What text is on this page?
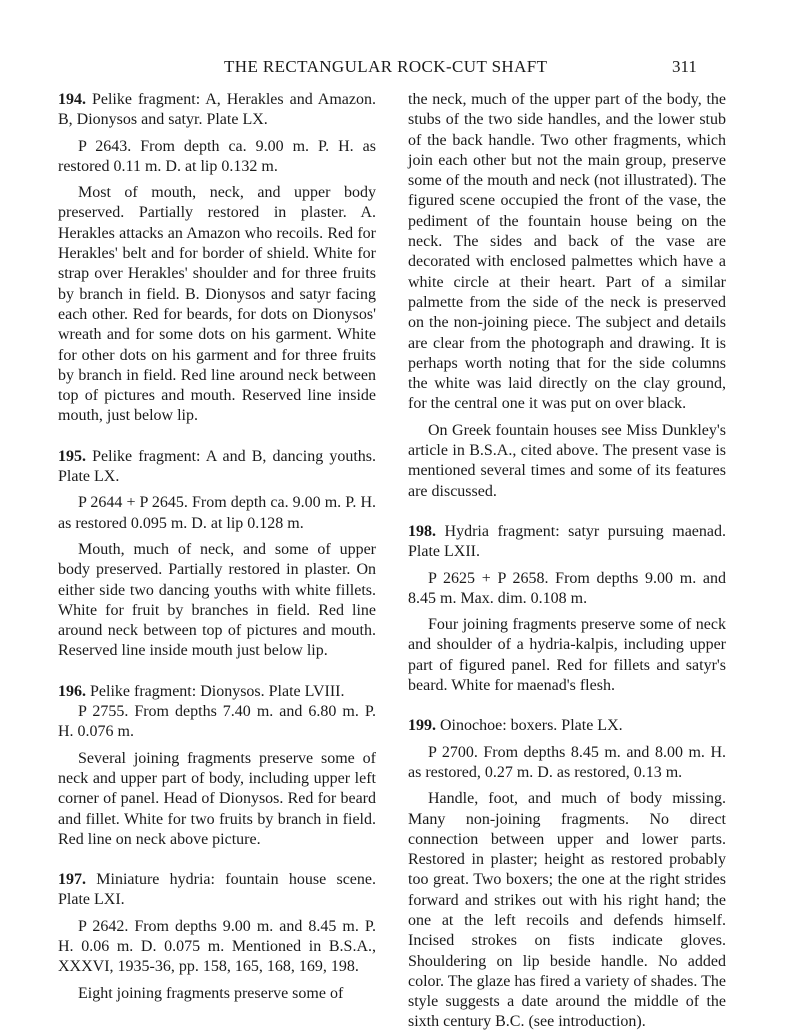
THE RECTANGULAR ROCK-CUT SHAFT	311

194. Pelike fragment: A, Herakles and Amazon. B, Dionysos and satyr. Plate LX.

P 2643. From depth ca. 9.00 m. P. H. as restored 0.11 m. D. at lip 0.132 m.

Most of mouth, neck, and upper body preserved. Partially restored in plaster. A. Herakles attacks an Amazon who recoils. Red for Herakles' belt and for border of shield. White for strap over Herakles' shoulder and for three fruits by branch in field. B. Dionysos and satyr facing each other. Red for beards, for dots on Dionysos' wreath and for some dots on his garment. White for other dots on his garment and for three fruits by branch in field. Red line around neck between top of pictures and mouth. Reserved line inside mouth, just below lip.

195. Pelike fragment: A and B, dancing youths. Plate LX.

P 2644 + P 2645. From depth ca. 9.00 m. P. H. as restored 0.095 m. D. at lip 0.128 m.

Mouth, much of neck, and some of upper body preserved. Partially restored in plaster. On either side two dancing youths with white fillets. White for fruit by branches in field. Red line around neck between top of pictures and mouth. Reserved line inside mouth just below lip.

196. Pelike fragment: Dionysos. Plate LVIII.

P 2755. From depths 7.40 m. and 6.80 m. P. H. 0.076 m.

Several joining fragments preserve some of neck and upper part of body, including upper left corner of panel. Head of Dionysos. Red for beard and fillet. White for two fruits by branch in field. Red line on neck above picture.

197. Miniature hydria: fountain house scene. Plate LXI.

P 2642. From depths 9.00 m. and 8.45 m. P. H. 0.06 m. D. 0.075 m. Mentioned in B.S.A., XXXVI, 1935-36, pp. 158, 165, 168, 169, 198.

Eight joining fragments preserve some of

the neck, much of the upper part of the body, the stubs of the two side handles, and the lower stub of the back handle. Two other fragments, which join each other but not the main group, preserve some of the mouth and neck (not illustrated). The figured scene occupied the front of the vase, the pediment of the fountain house being on the neck. The sides and back of the vase are decorated with enclosed palmettes which have a white circle at their heart. Part of a similar palmette from the side of the neck is preserved on the non-joining piece. The subject and details are clear from the photograph and drawing. It is perhaps worth noting that for the side columns the white was laid directly on the clay ground, for the central one it was put on over black.

On Greek fountain houses see Miss Dunkley's article in B.S.A., cited above. The present vase is mentioned several times and some of its features are discussed.

198. Hydria fragment: satyr pursuing maenad. Plate LXII.

P 2625 + P 2658. From depths 9.00 m. and 8.45 m. Max. dim. 0.108 m.

Four joining fragments preserve some of neck and shoulder of a hydria-kalpis, including upper part of figured panel. Red for fillets and satyr's beard. White for maenad's flesh.

199. Oinochoe: boxers. Plate LX.

P 2700. From depths 8.45 m. and 8.00 m. H. as restored, 0.27 m. D. as restored, 0.13 m.

Handle, foot, and much of body missing. Many non-joining fragments. No direct connection between upper and lower parts. Restored in plaster; height as restored probably too great. Two boxers; the one at the right strides forward and strikes out with his right hand; the one at the left recoils and defends himself. Incised strokes on fists indicate gloves. Shouldering on lip beside handle. No added color. The glaze has fired a variety of shades. The style suggests a date around the middle of the sixth century B.C. (see introduction).
